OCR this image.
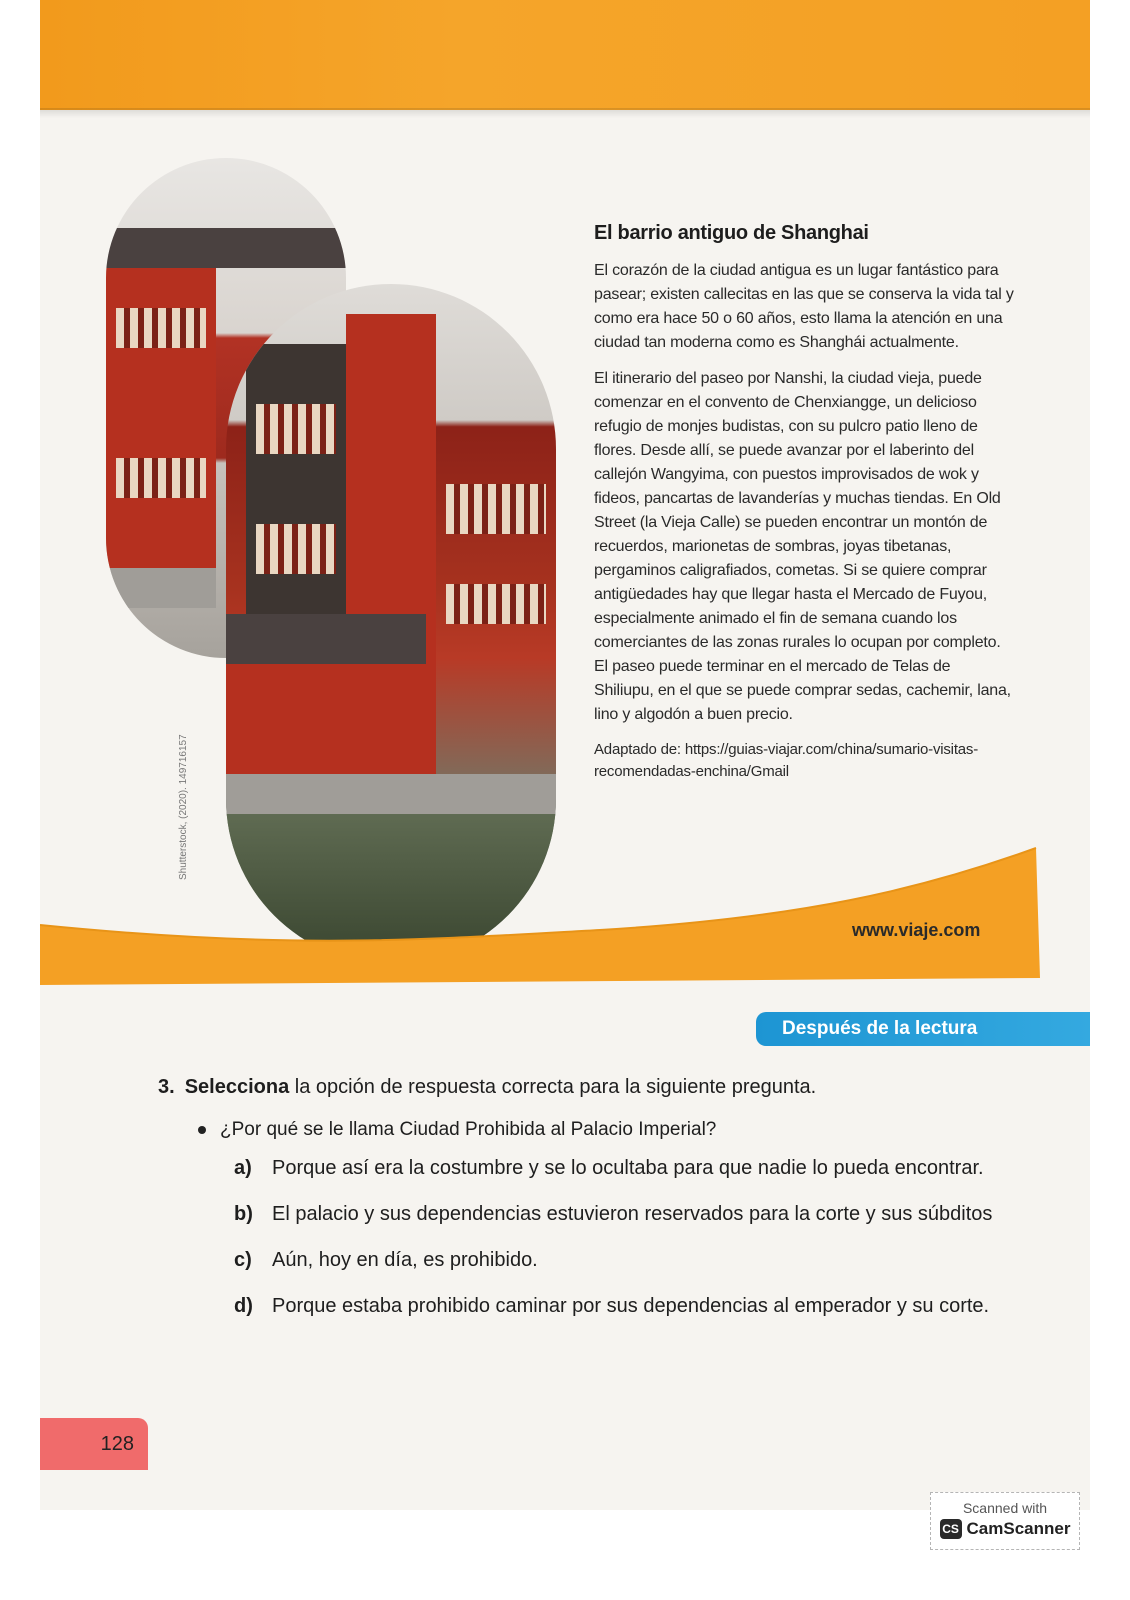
Shutterstock, (2020). 149716157
El barrio antiguo de Shanghai

El corazón de la ciudad antigua es un lugar fantástico para pasear; existen callecitas en las que se conserva la vida tal y como era hace 50 o 60 años, esto llama la atención en una ciudad tan moderna como es Shanghái actualmente.

El itinerario del paseo por Nanshi, la ciudad vieja, puede comenzar en el convento de Chenxiangge, un delicioso refugio de monjes budistas, con su pulcro patio lleno de flores. Desde allí, se puede avanzar por el laberinto del callejón Wangyima, con puestos improvisados de wok y fideos, pancartas de lavanderías y muchas tiendas. En Old Street (la Vieja Calle) se pueden encontrar un montón de recuerdos, marionetas de sombras, joyas tibetanas, pergaminos caligrafiados, cometas. Si se quiere comprar antigüedades hay que llegar hasta el Mercado de Fuyou, especialmente animado el fin de semana cuando los comerciantes de las zonas rurales lo ocupan por completo. El paseo puede terminar en el mercado de Telas de Shiliupu, en el que se puede comprar sedas, cachemir, lana, lino y algodón a buen precio.

Adaptado de: https://guias-viajar.com/china/sumario-visitas-recomendadas-enchina/Gmail

www.viaje.com
Después de la lectura
3. Selecciona la opción de respuesta correcta para la siguiente pregunta.
¿Por qué se le llama Ciudad Prohibida al Palacio Imperial?
a)	Porque así era la costumbre y se lo ocultaba para que nadie lo pueda encontrar.
b) El palacio y sus dependencias estuvieron reservados para la corte y sus súbditos
c)	Aún, hoy en día, es prohibido.
d) Porque estaba prohibido caminar por sus dependencias al emperador y su corte.
128
Scanned with
CS CamScanner
